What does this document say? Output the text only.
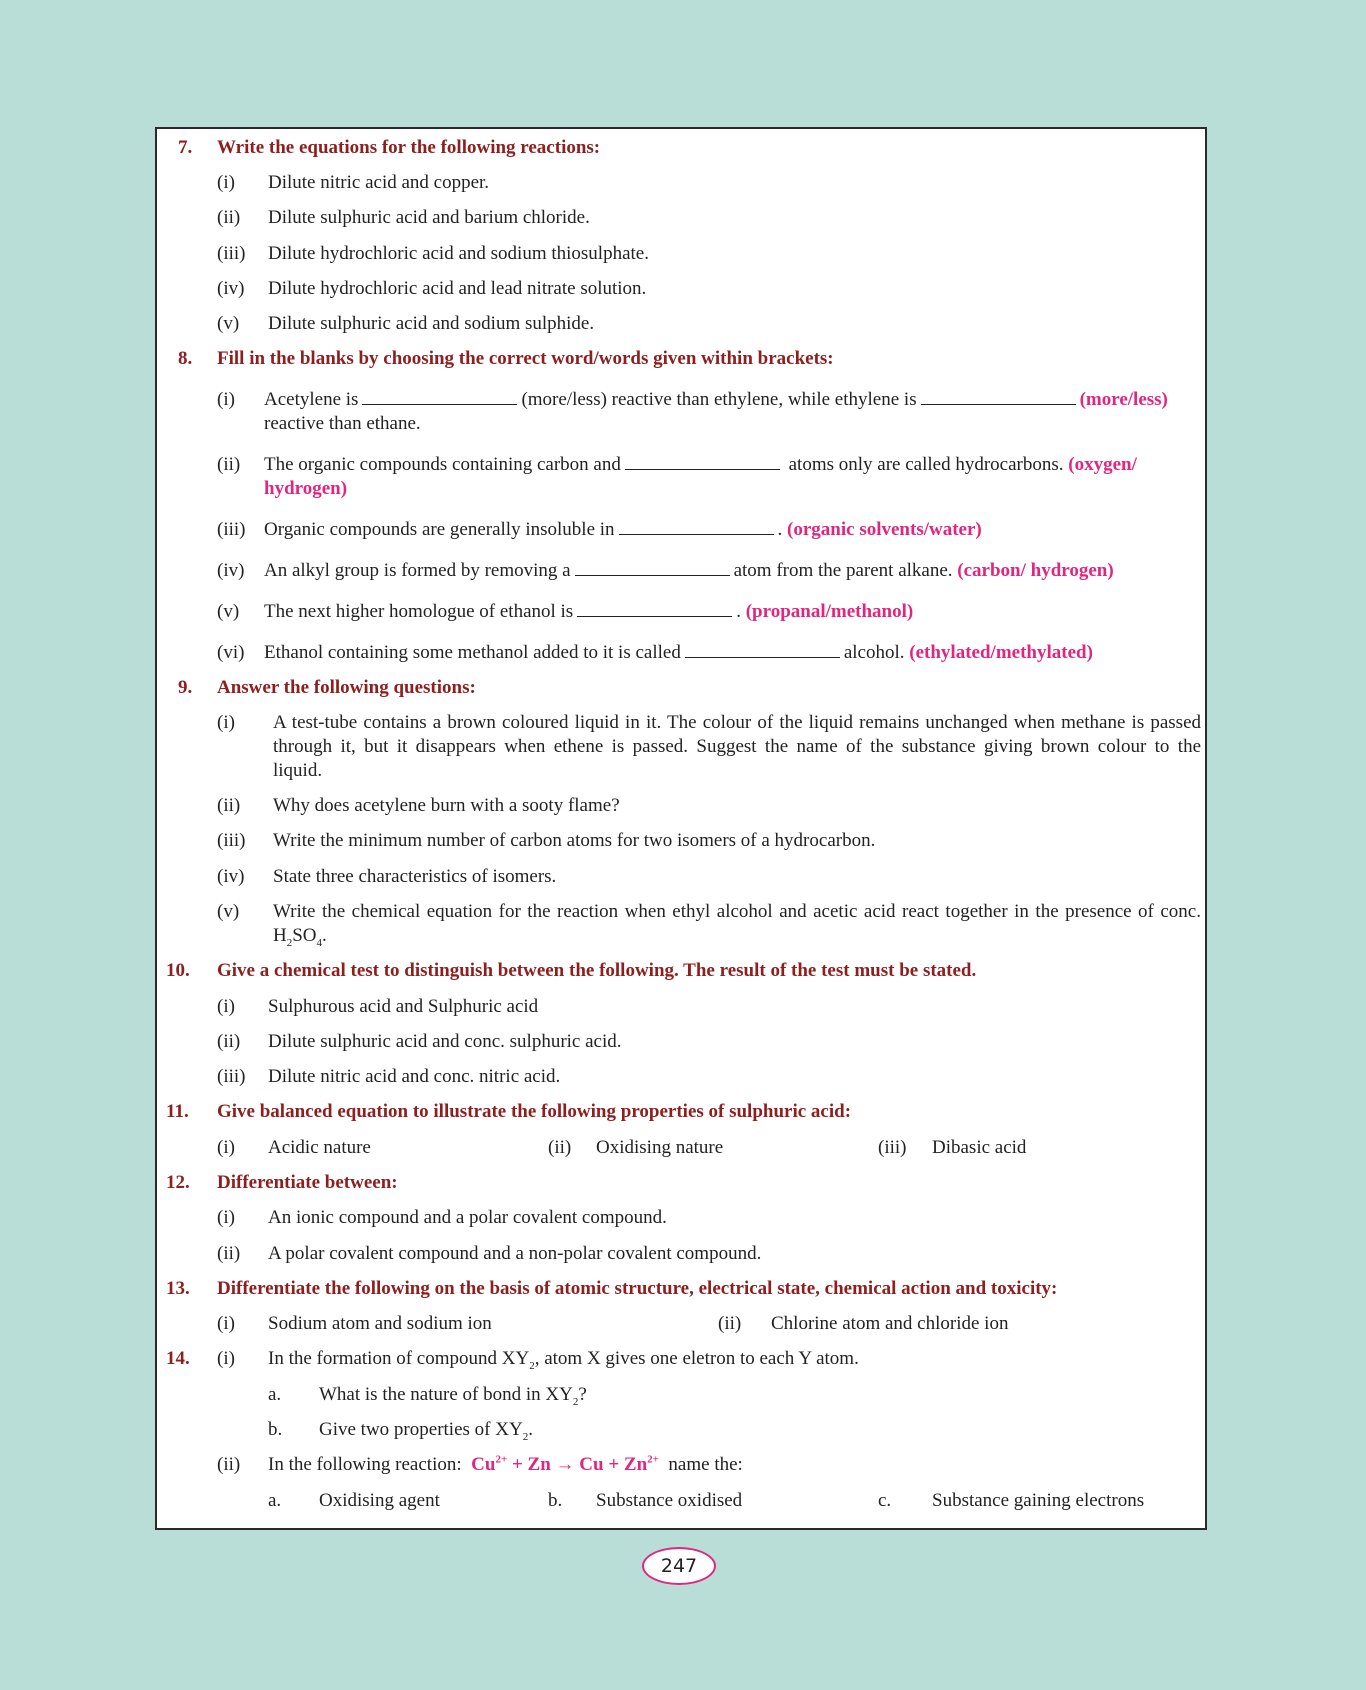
7. Write the equations for the following reactions:
(i) Dilute nitric acid and copper.
(ii) Dilute sulphuric acid and barium chloride.
(iii) Dilute hydrochloric acid and sodium thiosulphate.
(iv) Dilute hydrochloric acid and lead nitrate solution.
(v) Dilute sulphuric acid and sodium sulphide.
8. Fill in the blanks by choosing the correct word/words given within brackets:
(i) Acetylene is	(more/less) reactive than ethylene, while ethylene is	(more/less)
reactive than ethane.
(ii) The organic compounds containing carbon and	atoms only are called hydrocarbons. (oxygen/
hydrogen)
(iii) Organic compounds are generally insoluble in	. (organic solvents/water)
(iv) An alkyl group is formed by removing a	atom from the parent alkane. (carbon/ hydrogen)
(v) The next higher homologue of ethanol is	. (propanal/methanol)
(vi) Ethanol containing some methanol added to it is called	alcohol. (ethylated/methylated)
9. Answer the following questions:
(i) A test-tube contains a brown coloured liquid in it. The colour of the liquid remains unchanged when methane is passed
through it, but it disappears when ethene is passed. Suggest the name of the substance giving brown colour to the
liquid.
(ii) Why does acetylene burn with a sooty flame?
(iii) Write the minimum number of carbon atoms for two isomers of a hydrocarbon.
(iv) State three characteristics of isomers.
(v) Write the chemical equation for the reaction when ethyl alcohol and acetic acid react together in the presence of conc.
$H_2SO_4$.
10. Give a chemical test to distinguish between the following. The result of the test must be stated.
(i) Sulphurous acid and Sulphuric acid
(ii) Dilute sulphuric acid and conc. sulphuric acid.
(iii) Dilute nitric acid and conc. nitric acid.
11. Give balanced equation to illustrate the following properties of sulphuric acid:
(i) Acidic nature	(ii) Oxidising nature	(iii) Dibasic acid
12. Differentiate between:
(i) An ionic compound and a polar covalent compound.
(ii) A polar covalent compound and a non-polar covalent compound.
13. Differentiate the following on the basis of atomic structure, electrical state, chemical action and toxicity:
(i) Sodium atom and sodium ion	(ii) Chlorine atom and chloride ion
14. (i) In the formation of compound $XY_2$, atom X gives one eletron to each Y atom.
a. What is the nature of bond in $XY_2$?
b. Give two properties of $XY_2$.
(ii) In the following reaction: $Cu^{2+} + Zn \to Cu + Zn^{2+}$ name the:
a. Oxidising agent	b. Substance oxidised	c. Substance gaining electrons
247
